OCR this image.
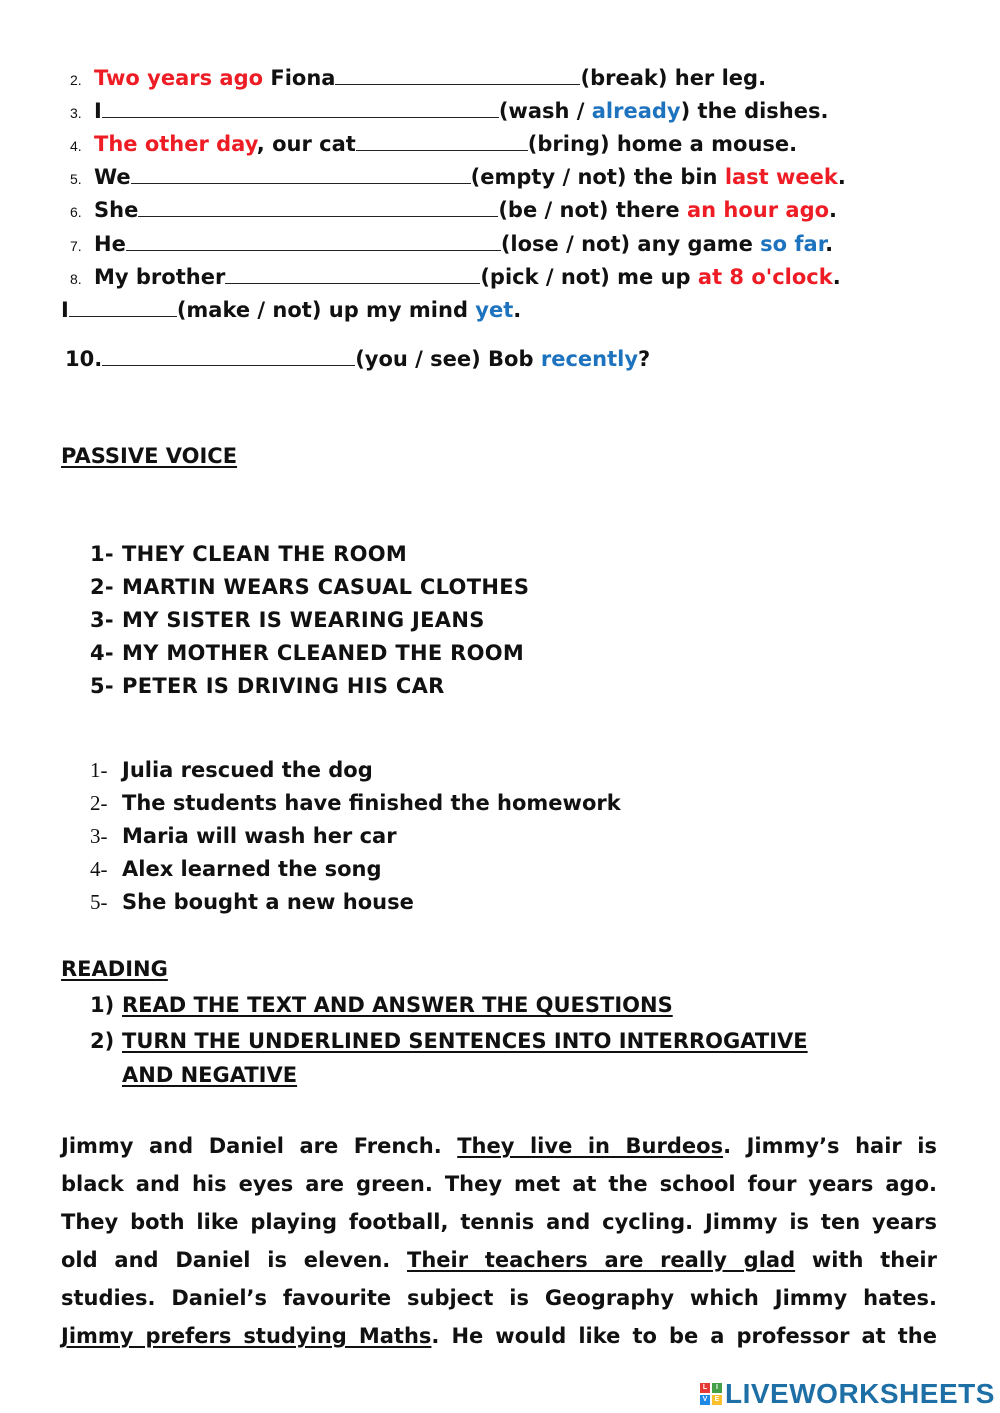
2. Two years ago Fiona	(break) her leg.
3. I	(wash / already) the dishes.
4. The other day, our cat	(bring) home a mouse.
5. We	(empty / not) the bin last week.
6. She	(be / not) there an hour ago.
7. He	(lose / not) any game so far.
8. My brother	(pick / not) me up at 8 o'clock.
I	(make / not) up my mind yet.
10.	(you / see) Bob recently?
PASSIVE VOICE
1- THEY CLEAN THE ROOM
2- MARTIN WEARS CASUAL CLOTHES
3- MY SISTER IS WEARING JEANS
4- MY MOTHER CLEANED THE ROOM
5- PETER IS DRIVING HIS CAR
1- Julia rescued the dog
2- The students have finished the homework
3- Maria will wash her car
4- Alex learned the song
5- She bought a new house
READING
1) READ THE TEXT AND ANSWER THE QUESTIONS
2) TURN THE UNDERLINED SENTENCES INTO INTERROGATIVE
AND NEGATIVE
Jimmy and Daniel are French. They live in Burdeos. Jimmy’s hair is
black and his eyes are green. They met at the school four years ago.
They both like playing football, tennis and cycling. Jimmy is ten years
old and Daniel is eleven. Their teachers are really glad with their
studies. Daniel’s favourite subject is Geography which Jimmy hates.
Jimmy prefers studying Maths. He would like to be a professor at the
L	I
V	E LIVEWORKSHEETS
